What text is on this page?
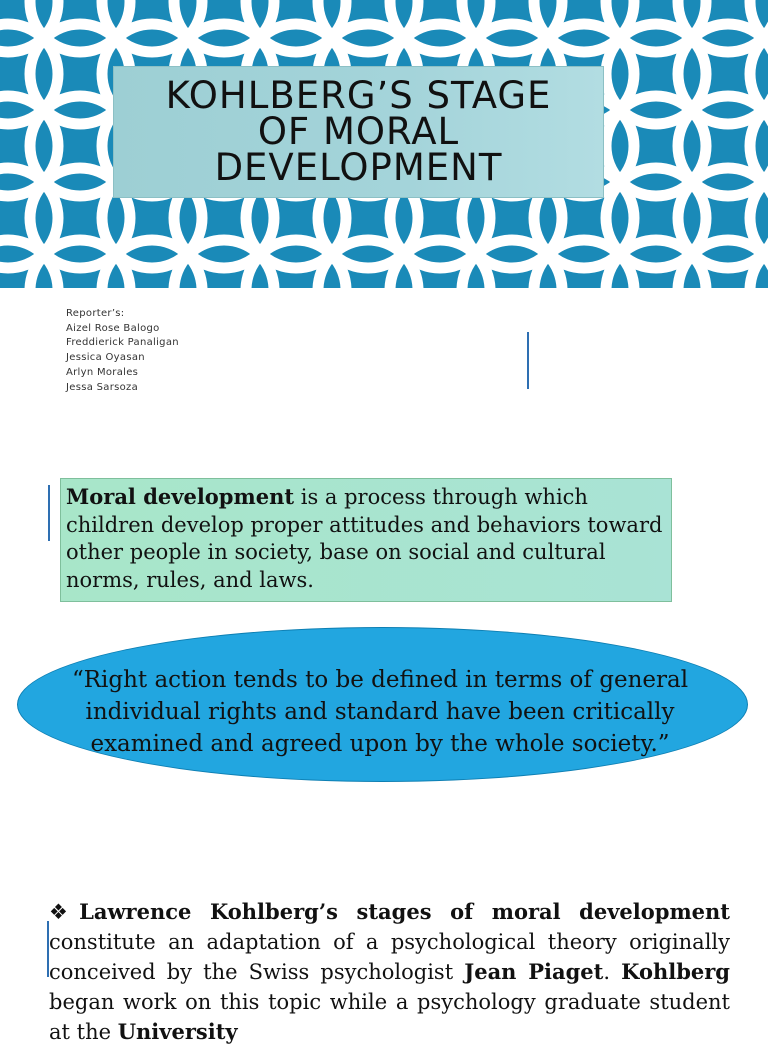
KOHLBERG’S STAGE OF MORAL DEVELOPMENT
Reporter’s:
Aizel Rose Balogo
Freddierick Panaligan
Jessica Oyasan
Arlyn Morales
Jessa Sarsoza
Moral development is a process through which children develop proper attitudes and behaviors toward other people in society, base on social and cultural norms, rules, and laws.
“Right action tends to be defined in terms of general individual rights and standard have been critically examined and agreed upon by the whole society.”
❖Lawrence Kohlberg’s stages of moral development constitute an adaptation of a psychological theory originally conceived by the Swiss psychologist Jean Piaget. Kohlberg began work on this topic while a psychology graduate student at the University
